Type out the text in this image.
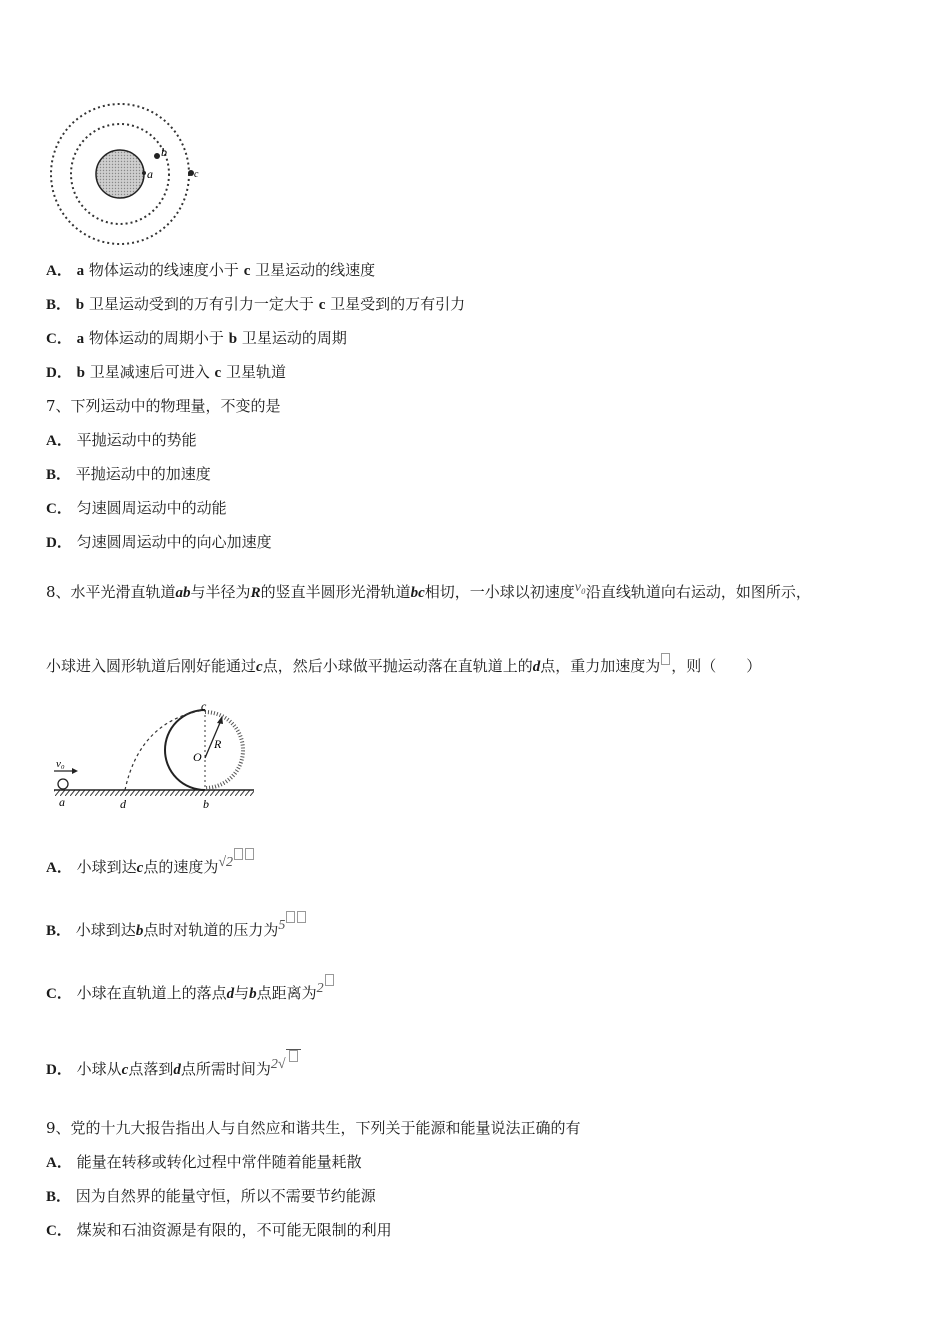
a
b
c
A． a 物体运动的线速度小于 c 卫星运动的线速度
B． b 卫星运动受到的万有引力一定大于 c 卫星受到的万有引力
C． a 物体运动的周期小于 b 卫星运动的周期
D． b 卫星减速后可进入 c 卫星轨道
7、下列运动中的物理量，不变的是
A． 平抛运动中的势能
B． 平抛运动中的加速度
C． 匀速圆周运动中的动能
D． 匀速圆周运动中的向心加速度
8、水平光滑直轨道ab与半径为R的竖直半圆形光滑轨道bc相切，一小球以初速度v₀沿直线轨道向右运动，如图所示，
小球进入圆形轨道后刚好能通过c点，然后小球做平抛运动落在直轨道上的d点，重力加速度为 ，则（　　）
v₀
a	d	b
c
O
R
A． 小球到达c点的速度为√2
B． 小球到达b点时对轨道的压力为5
C． 小球在直轨道上的落点d与b点距离为2
D． 小球从c点落到d点所需时间为2√
9、党的十九大报告指出人与自然应和谐共生，下列关于能源和能量说法正确的有
A． 能量在转移或转化过程中常伴随着能量耗散
B． 因为自然界的能量守恒，所以不需要节约能源
C． 煤炭和石油资源是有限的，不可能无限制的利用
